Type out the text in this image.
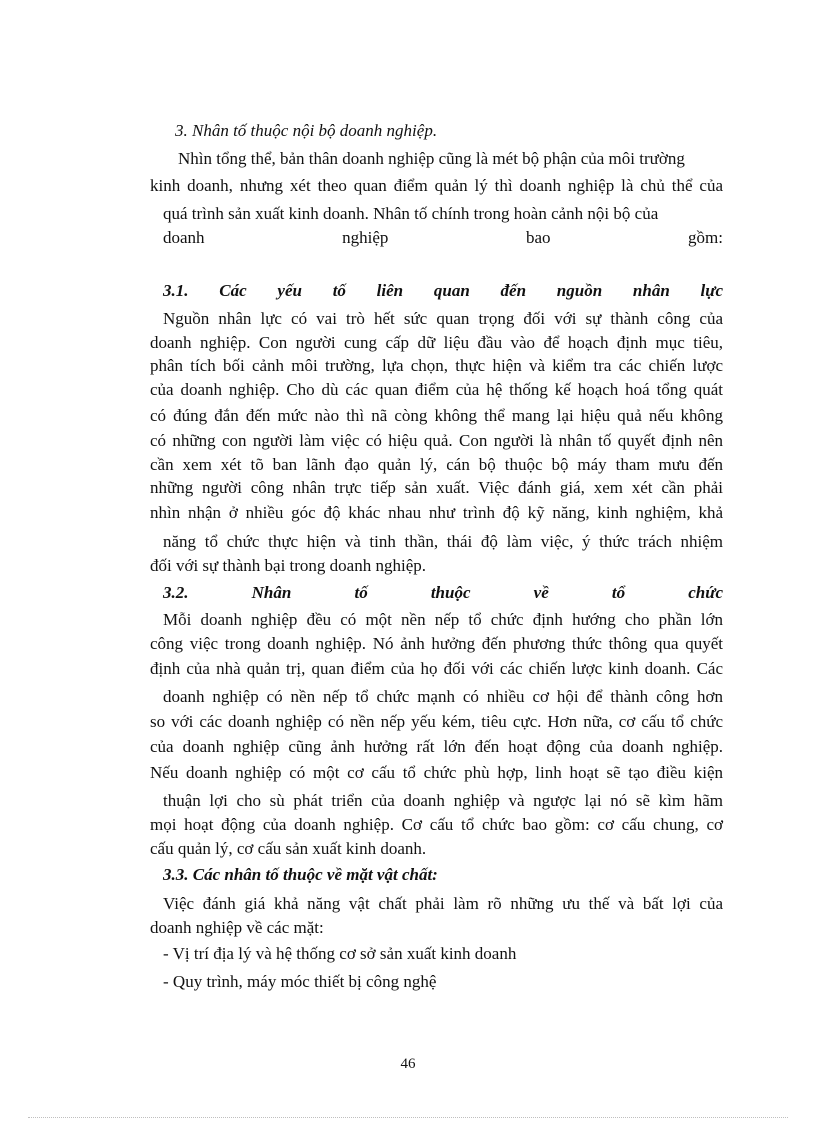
3. Nhân tố thuộc nội bộ doanh nghiệp.
Nhìn tổng thể, bản thân doanh nghiệp cũng là mét bộ phận của môi trường
kinh doanh, nhưng xét theo quan điểm quản lý thì doanh nghiệp là chủ thể của
quá trình sản xuất kinh doanh. Nhân tố chính trong hoàn cảnh nội bộ của
doanh nghiệp bao gồm:
3.1. Các yếu tố liên quan đến nguồn nhân lực
Nguồn nhân lực có vai trò hết sức quan trọng đối với sự thành công của
doanh nghiệp. Con người cung cấp dữ liệu đầu vào để hoạch định mục tiêu,
phân tích bối cảnh môi trường, lựa chọn, thực hiện và kiểm tra các chiến lược
của doanh nghiệp. Cho dù các quan điểm của hệ thống kế hoạch hoá tổng quát
có đúng đắn đến mức nào thì nã còng không thể mang lại hiệu quả nếu không
có những con người làm việc có hiệu quả. Con người là nhân tố quyết định nên
cần xem xét tõ ban lãnh đạo quản lý, cán bộ thuộc bộ máy tham mưu đến
những người công nhân trực tiếp sản xuất. Việc đánh giá, xem xét cần phải
nhìn nhận ở nhiều góc độ khác nhau như trình độ kỹ năng, kinh nghiệm, khả
năng tổ chức thực hiện và tinh thần, thái độ làm việc, ý thức trách nhiệm
đối với sự thành bại trong doanh nghiệp.
3.2. Nhân tố thuộc về tổ chức
Mỗi doanh nghiệp đều có một nền nếp tổ chức định hướng cho phần lớn
công việc trong doanh nghiệp. Nó ảnh hưởng đến phương thức thông qua quyết
định của nhà quản trị, quan điểm của họ đối với các chiến lược kinh doanh. Các
doanh nghiệp có nền nếp tổ chức mạnh có nhiều cơ hội để thành công hơn
so với các doanh nghiệp có nền nếp yếu kém, tiêu cực. Hơn nữa, cơ cấu tổ chức
của doanh nghiệp cũng ảnh hưởng rất lớn đến hoạt động của doanh nghiệp.
Nếu doanh nghiệp có một cơ cấu tổ chức phù hợp, linh hoạt sẽ tạo điều kiện
thuận lợi cho sù phát triển của doanh nghiệp và ngược lại nó sẽ kìm hãm
mọi hoạt động của doanh nghiệp. Cơ cấu tổ chức bao gồm: cơ cấu chung, cơ
cấu quản lý, cơ cấu sản xuất kinh doanh.
3.3. Các nhân tố thuộc về mặt vật chất:
Việc đánh giá khả năng vật chất phải làm rõ những ưu thế và bất lợi của
doanh nghiệp về các mặt:
- Vị trí địa lý và hệ thống cơ sở sản xuất kinh doanh
- Quy trình, máy móc thiết bị công nghệ
46
